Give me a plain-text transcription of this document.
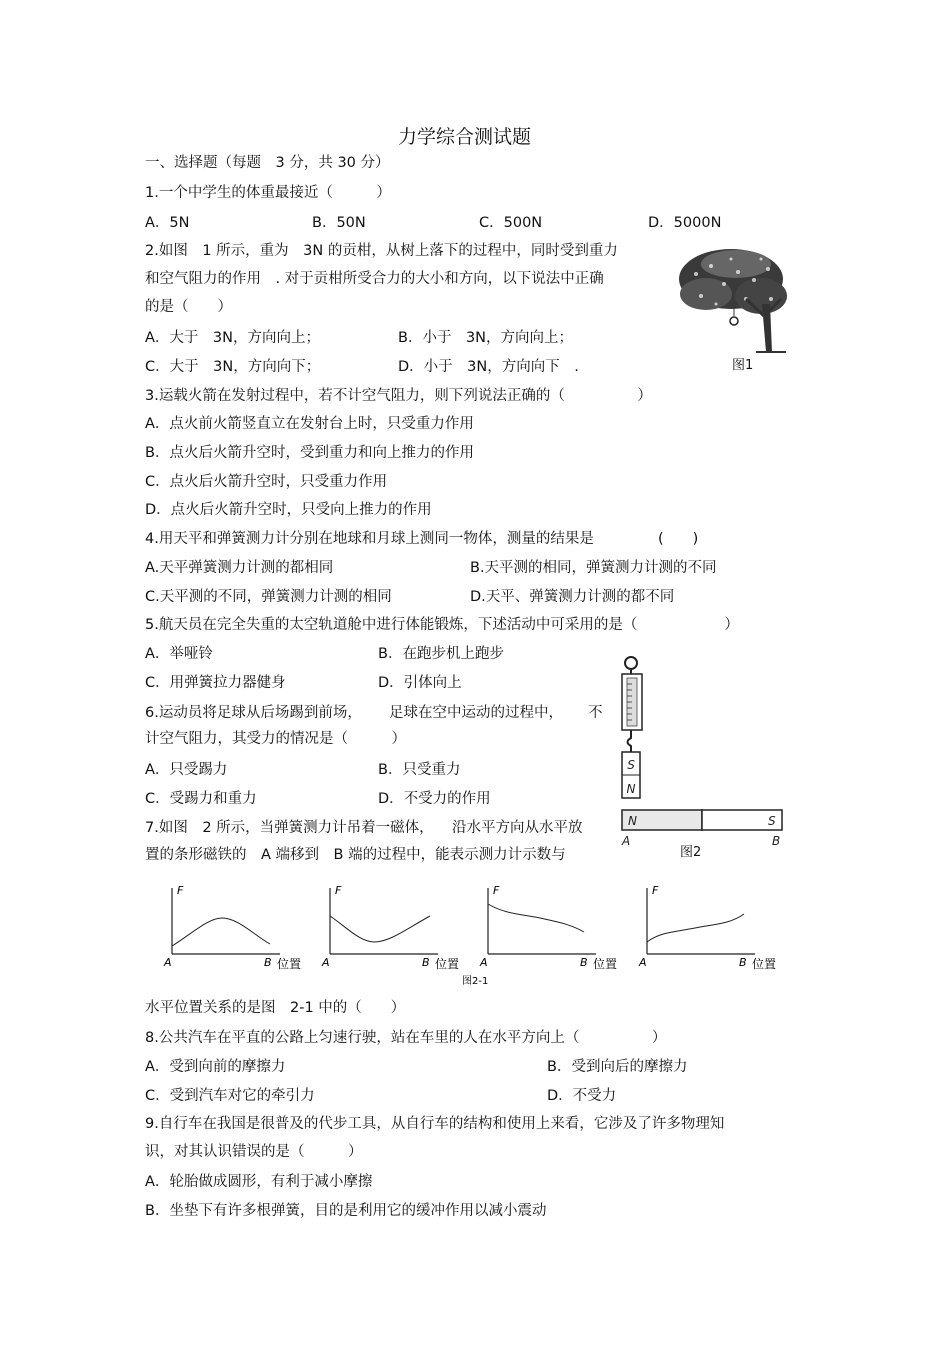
力学综合测试题
一、选择题（每题　3 分，共 30 分）
1.一个中学生的体重最接近（　　　）
A．5N	B．50N	C．500N	D．5000N
2.如图　1 所示，重为　3N 的贡柑，从树上落下的过程中，同时受到重力
和空气阻力的作用　. 对于贡柑所受合力的大小和方向，以下说法中正确
的是（　　）
A．大于　3N，方向向上；	B．小于　3N，方向向上；
C．大于　3N，方向向下；	D．小于　3N，方向向下　.	图1
3.运载火箭在发射过程中，若不计空气阻力，则下列说法正确的（　　　　　）
A．点火前火箭竖直立在发射台上时，只受重力作用
B．点火后火箭升空时，受到重力和向上推力的作用
C．点火后火箭升空时，只受重力作用
D．点火后火箭升空时，只受向上推力的作用
4.用天平和弹簧测力计分别在地球和月球上测同一物体，测量的结果是	(　　)
A.天平弹簧测力计测的都相同	B.天平测的相同，弹簧测力计测的不同
C.天平测的不同，弹簧测力计测的相同	D.天平、弹簧测力计测的都不同
5.航天员在完全失重的太空轨道舱中进行体能锻炼，下述活动中可采用的是（　　　　　　）
A．举哑铃	B．在跑步机上跑步
C．用弹簧拉力器健身	D．引体向上
6.运动员将足球从后场踢到前场， 足球在空中运动的过程中， 不
计空气阻力，其受力的情况是（　　　）
A．只受踢力	B．只受重力
C．受踢力和重力	D．不受力的作用
S
N
N	S
A	B
图2
7.如图　2 所示，当弹簧测力计吊着一磁体， 沿水平方向从水平放
置的条形磁铁的　A 端移到　B 端的过程中，能表示测力计示数与
F
A	B 位置
F
A	B 位置
F
A	B 位置
F
A	B 位置
图2-1
水平位置关系的是图　2-1 中的（　　）
8.公共汽车在平直的公路上匀速行驶，站在车里的人在水平方向上（　　　　　）
A．受到向前的摩擦力	B．受到向后的摩擦力
C．受到汽车对它的牵引力	D．不受力
9.自行车在我国是很普及的代步工具，从自行车的结构和使用上来看，它涉及了许多物理知
识，对其认识错误的是（　　　）
A．轮胎做成圆形，有利于减小摩擦
B．坐垫下有许多根弹簧，目的是利用它的缓冲作用以减小震动
